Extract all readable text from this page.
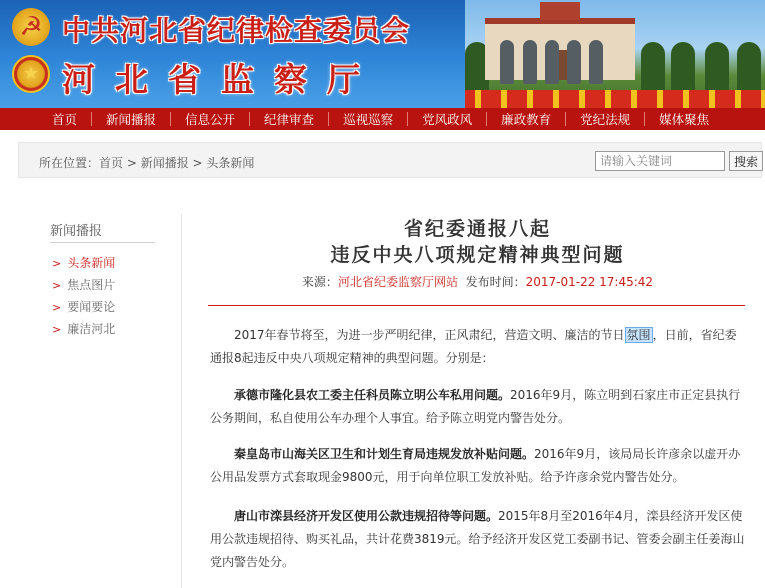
☭
★
中共河北省纪律检查委员会
河北省监察厅
首页 新闻播报 信息公开 纪律审查 巡视巡察 党风政风 廉政教育 党纪法规 媒体聚焦
所在位置：首页 > 新闻播报 > 头条新闻
请输入关键词	搜索
新闻播报
> 头条新闻
> 焦点图片
> 要闻要论
> 廉洁河北
省纪委通报八起
违反中央八项规定精神典型问题
来源：河北省纪委监察厅网站 发布时间：2017-01-22 17:45:42

2017年春节将至，为进一步严明纪律，正风肃纪，营造文明、廉洁的节日 氛围 ，日前，省纪委通报8起违反中央八项规定精神的典型问题。分别是：

承德市隆化县农工委主任科员陈立明公车私用问题。2016年9月，陈立明到石家庄市正定县执行公务期间，私自使用公车办理个人事宜。给予陈立明党内警告处分。

秦皇岛市山海关区卫生和计划生育局违规发放补贴问题。2016年9月，该局局长许彦余以虚开办公用品发票方式套取现金9800元，用于向单位职工发放补贴。给予许彦余党内警告处分。

唐山市滦县经济开发区使用公款违规招待等问题。2015年8月至2016年4月，滦县经济开发区使用公款违规招待、购买礼品，共计花费3819元。给予经济开发区党工委副书记、管委会副主任姜海山党内警告处分。
